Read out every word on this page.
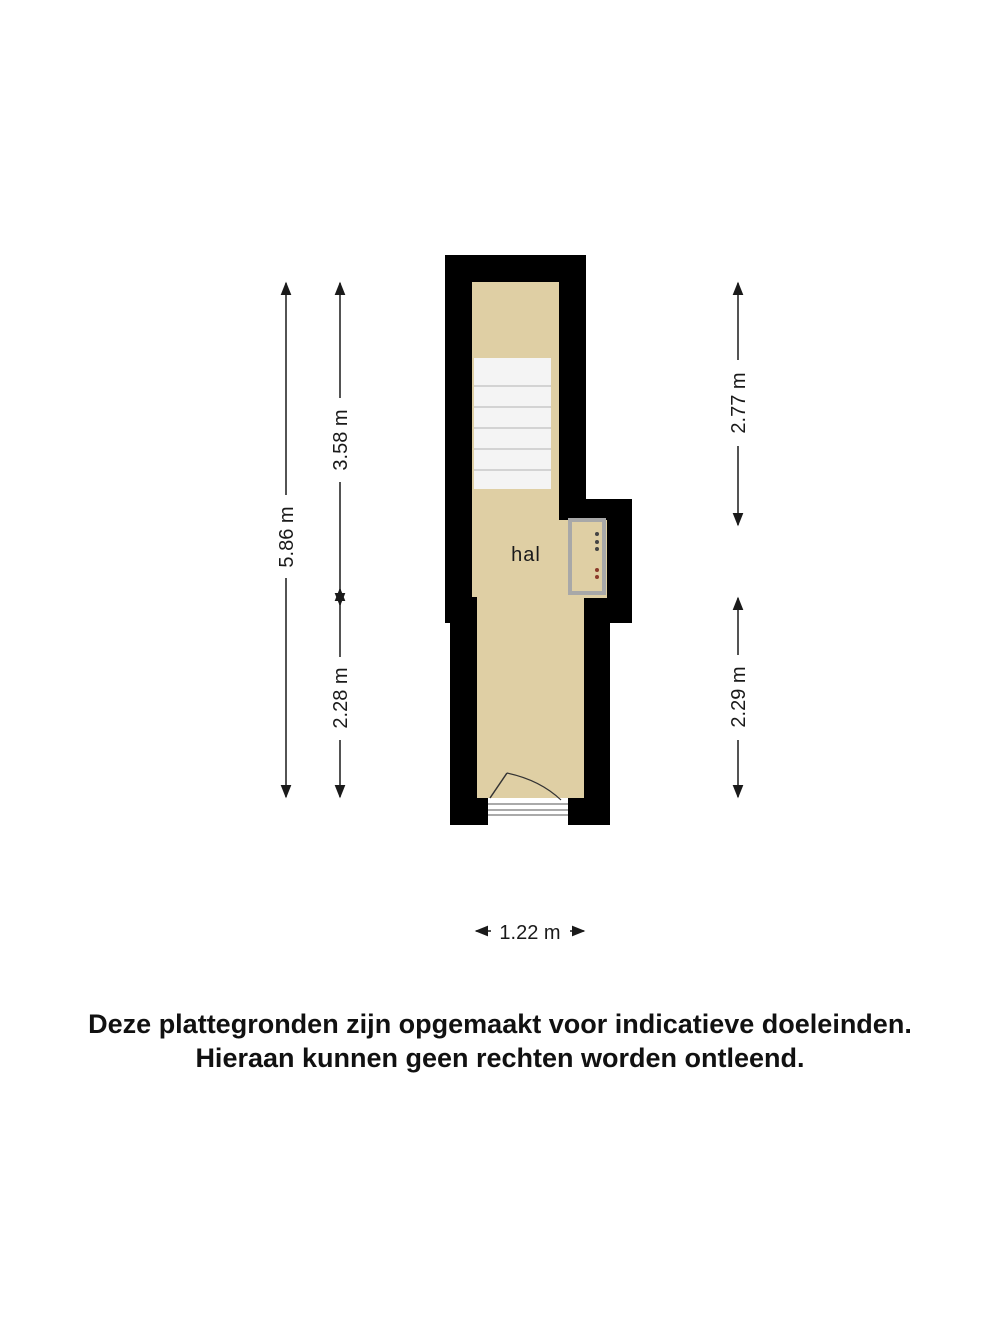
hal
5.86 m
3.58 m
2.28 m
2.77 m
2.29 m
1.22 m
Deze plattegronden zijn opgemaakt voor indicatieve doeleinden.
Hieraan kunnen geen rechten worden ontleend.
